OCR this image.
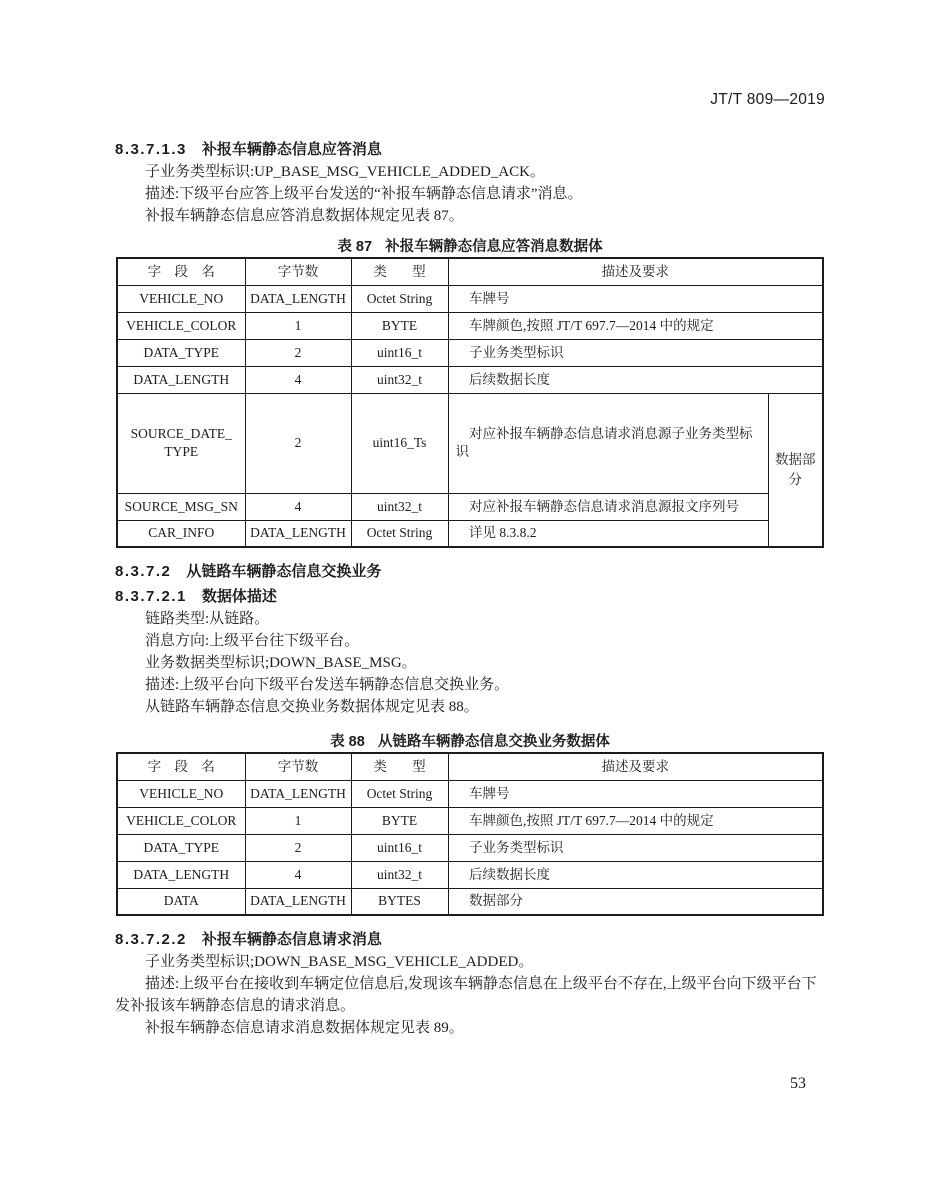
JT/T 809—2019
8.3.7.1.3 补报车辆静态信息应答消息

子业务类型标识:UP_BASE_MSG_VEHICLE_ADDED_ACK。

描述:下级平台应答上级平台发送的“补报车辆静态信息请求”消息。

补报车辆静态信息应答消息数据体规定见表 87。

表 87 补报车辆静态信息应答消息数据体
字 段 名	字节数	类 型	描述及要求	
VEHICLE_NO	DATA_LENGTH	Octet String	车牌号	
VEHICLE_COLOR	1	BYTE	车牌颜色,按照 JT/T 697.7—2014 中的规定	
DATA_TYPE	2	uint16_t	子业务类型标识	
DATA_LENGTH	4	uint32_t	后续数据长度	
SOURCE_DATE_​TYPE	2	uint16_Ts	对应补报车辆静态信息请求消息源子业务类型标识	数据部分
SOURCE_MSG_SN	4	uint32_t	对应补报车辆静态信息请求消息源报文序列号	
CAR_INFO	DATA_LENGTH	Octet String	详见 8.3.8.2	
8.3.7.2 从链路车辆静态信息交换业务
8.3.7.2.1 数据体描述

链路类型:从链路。

消息方向:上级平台往下级平台。

业务数据类型标识;DOWN_BASE_MSG。

描述:上级平台向下级平台发送车辆静态信息交换业务。

从链路车辆静态信息交换业务数据体规定见表 88。

表 88 从链路车辆静态信息交换业务数据体
字 段 名	字节数	类 型	描述及要求
VEHICLE_NO	DATA_LENGTH	Octet String	车牌号
VEHICLE_COLOR	1	BYTE	车牌颜色,按照 JT/T 697.7—2014 中的规定
DATA_TYPE	2	uint16_t	子业务类型标识
DATA_LENGTH	4	uint32_t	后续数据长度
DATA	DATA_LENGTH	BYTES	数据部分
8.3.7.2.2 补报车辆静态信息请求消息

子业务类型标识;DOWN_BASE_MSG_VEHICLE_ADDED。

描述:上级平台在接收到车辆定位信息后,发现该车辆静态信息在上级平台不存在,上级平台向下级平台下发补报该车辆静态信息的请求消息。

补报车辆静态信息请求消息数据体规定见表 89。

53
